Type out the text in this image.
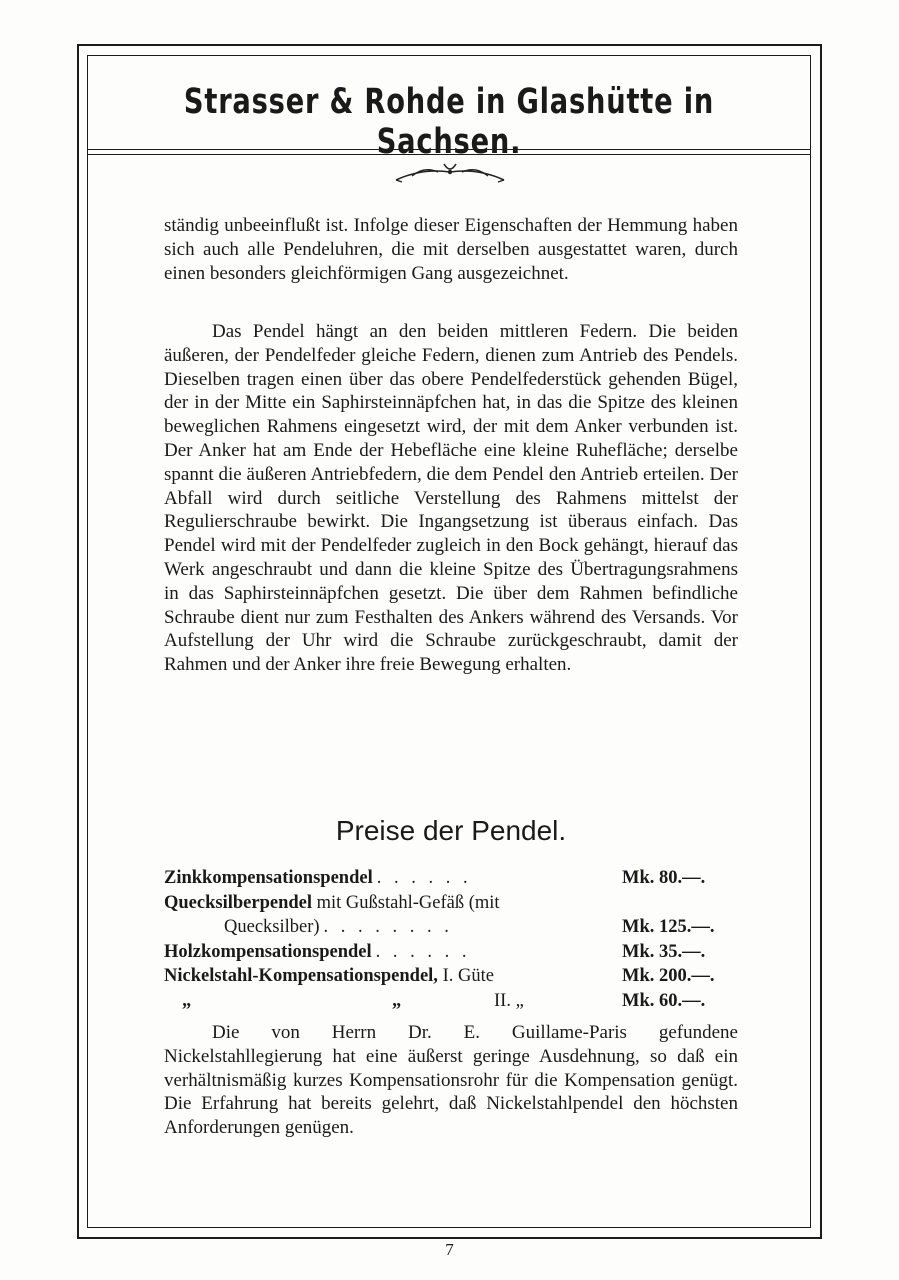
Strasser & Rohde in Glashütte in Sachsen.

ständig unbeeinflußt ist. Infolge dieser Eigenschaften der Hemmung haben sich auch alle Pendeluhren, die mit derselben ausgestattet waren, durch einen besonders gleichförmigen Gang ausgezeichnet.

Das Pendel hängt an den beiden mittleren Federn. Die beiden äußeren, der Pendelfeder gleiche Federn, dienen zum Antrieb des Pendels. Dieselben tragen einen über das obere Pendelfederstück gehenden Bügel, der in der Mitte ein Saphirsteinnäpfchen hat, in das die Spitze des kleinen beweglichen Rahmens eingesetzt wird, der mit dem Anker verbunden ist. Der Anker hat am Ende der Hebefläche eine kleine Ruhefläche; derselbe spannt die äußeren Antriebfedern, die dem Pendel den Antrieb erteilen. Der Abfall wird durch seitliche Verstellung des Rahmens mittelst der Regulierschraube bewirkt. Die Ingangsetzung ist überaus einfach. Das Pendel wird mit der Pendelfeder zugleich in den Bock gehängt, hierauf das Werk angeschraubt und dann die kleine Spitze des Übertragungsrahmens in das Saphirsteinnäpfchen gesetzt. Die über dem Rahmen befindliche Schraube dient nur zum Festhalten des Ankers während des Versands. Vor Aufstellung der Uhr wird die Schraube zurückgeschraubt, damit der Rahmen und der Anker ihre freie Bewegung erhalten.

Preise der Pendel.
Zinkkompensationspendel . . . . . .	Mk. 80.—.
Quecksilberpendel mit Gußstahl-Gefäß (mit
Quecksilber) . . . . . . . .	Mk. 125.—.
Holzkompensationspendel . . . . . .	Mk. 35.—.
Nickelstahl-Kompensationspendel, I. Güte	Mk. 200.—.
„	„	II. „	Mk. 60.—.

Die von Herrn Dr. E. Guillame-Paris gefundene Nickelstahllegierung hat eine äußerst geringe Ausdehnung, so daß ein verhältnismäßig kurzes Kompensationsrohr für die Kompensation genügt. Die Erfahrung hat bereits gelehrt, daß Nickelstahlpendel den höchsten Anforderungen genügen.

7
